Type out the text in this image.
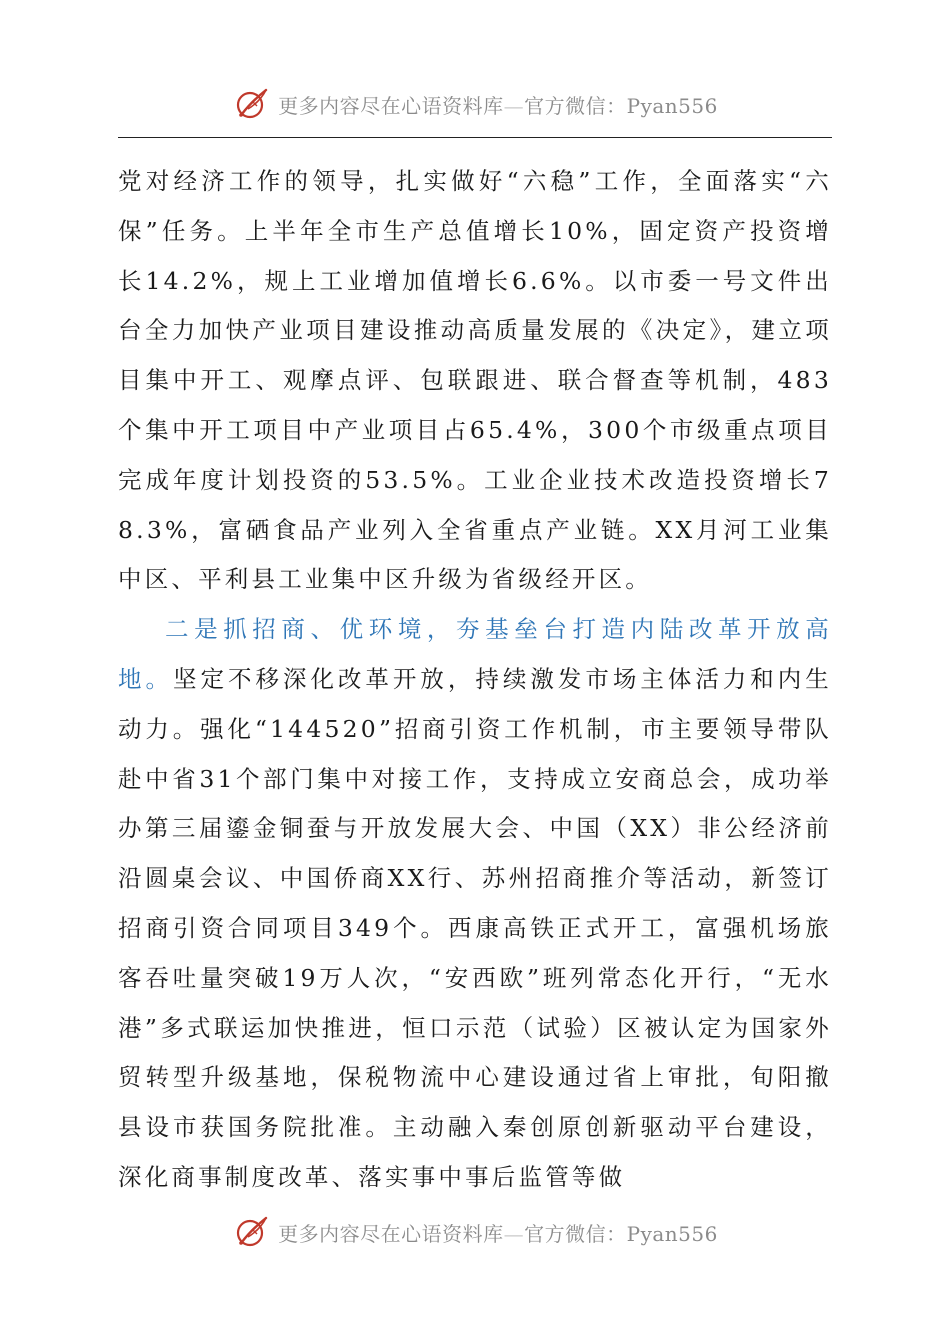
更多内容尽在心语资料库—官方微信：Pyan556

党对经济工作的领导，扎实做好“六稳”工作，全面落实“六保”任务。上半年全市生产总值增长10%，固定资产投资增长14.2%，规上工业增加值增长6.6%。以市委一号文件出台全力加快产业项目建设推动高质量发展的《决定》，建立项目集中开工、观摩点评、包联跟进、联合督查等机制，483个集中开工项目中产业项目占65.4%，300个市级重点项目完成年度计划投资的53.5%。工业企业技术改造投资增长78.3%，富硒食品产业列入全省重点产业链。XX月河工业集中区、平利县工业集中区升级为省级经开区。

二是抓招商、优环境，夯基垒台打造内陆改革开放高地。坚定不移深化改革开放，持续激发市场主体活力和内生动力。强化“144520”招商引资工作机制，市主要领导带队赴中省31个部门集中对接工作，支持成立安商总会，成功举办第三届鎏金铜蚕与开放发展大会、中国（XX）非公经济前沿圆桌会议、中国侨商XX行、苏州招商推介等活动，新签订招商引资合同项目349个。西康高铁正式开工，富强机场旅客吞吐量突破19万人次，“安西欧”班列常态化开行，“无水港”多式联运加快推进，恒口示范（试验）区被认定为国家外贸转型升级基地，保税物流中心建设通过省上审批，旬阳撤县设市获国务院批准。主动融入秦创原创新驱动平台建设，深化商事制度改革、落实事中事后监管等做

更多内容尽在心语资料库—官方微信：Pyan556
